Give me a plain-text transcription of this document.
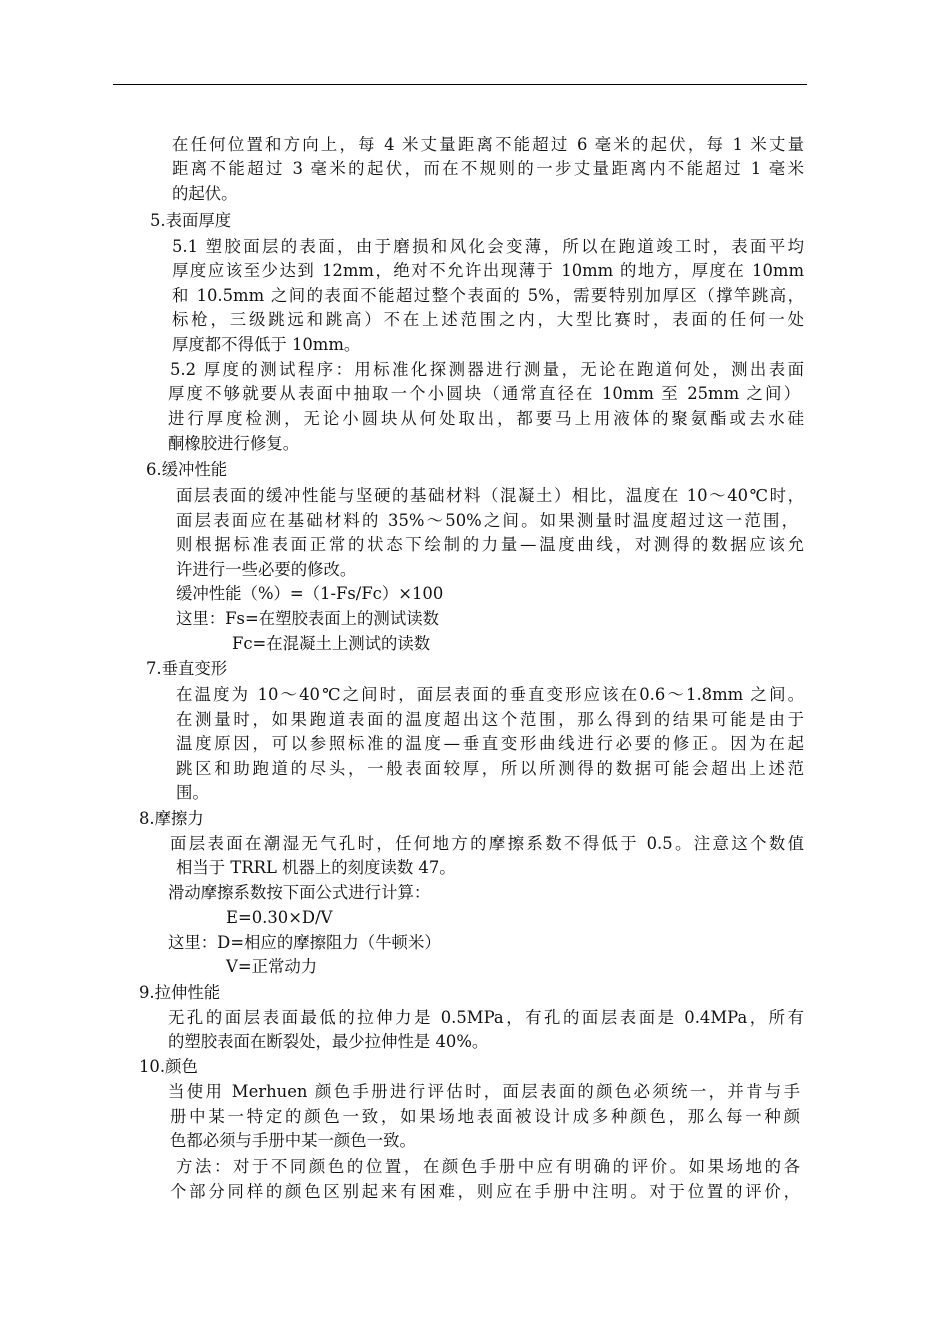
在任何位置和方向上，每 4 米丈量距离不能超过 6 毫米的起伏，每 1 米丈量
距离不能超过 3 毫米的起伏，而在不规则的一步丈量距离内不能超过 1 毫米
的起伏。
5.表面厚度
5.1 塑胶面层的表面，由于磨损和风化会变薄，所以在跑道竣工时，表面平均
厚度应该至少达到 12mm，绝对不允许出现薄于 10mm 的地方，厚度在 10mm
和 10.5mm 之间的表面不能超过整个表面的 5%，需要特别加厚区（撑竿跳高，
标枪，三级跳远和跳高）不在上述范围之内，大型比赛时，表面的任何一处
厚度都不得低于 10mm。
5.2 厚度的测试程序：用标准化探测器进行测量，无论在跑道何处，测出表面
厚度不够就要从表面中抽取一个小圆块（通常直径在 10mm 至 25mm 之间）
进行厚度检测，无论小圆块从何处取出，都要马上用液体的聚氨酯或去水硅
酮橡胶进行修复。
6.缓冲性能
面层表面的缓冲性能与坚硬的基础材料（混凝土）相比，温度在 10～40℃时，
面层表面应在基础材料的 35%～50%之间。如果测量时温度超过这一范围，
则根据标准表面正常的状态下绘制的力量—温度曲线，对测得的数据应该允
许进行一些必要的修改。
缓冲性能（%）=（1-Fs/Fc）×100
这里：Fs=在塑胶表面上的测试读数
Fc=在混凝土上测试的读数
7.垂直变形
在温度为 10～40℃之间时，面层表面的垂直变形应该在0.6～1.8mm 之间。
在测量时，如果跑道表面的温度超出这个范围，那么得到的结果可能是由于
温度原因，可以参照标准的温度—垂直变形曲线进行必要的修正。因为在起
跳区和助跑道的尽头，一般表面较厚，所以所测得的数据可能会超出上述范
围。
8.摩擦力
面层表面在潮湿无气孔时，任何地方的摩擦系数不得低于 0.5。注意这个数值
相当于 TRRL 机器上的刻度读数 47。
滑动摩擦系数按下面公式进行计算：
E=0.30×D/V
这里：D=相应的摩擦阻力（牛顿米）
V=正常动力
9.拉伸性能
无孔的面层表面最低的拉伸力是 0.5MPa，有孔的面层表面是 0.4MPa，所有
的塑胶表面在断裂处，最少拉伸性是 40%。
10.颜色
当使用 Merhuen 颜色手册进行评估时，面层表面的颜色必须统一，并肯与手
册中某一特定的颜色一致，如果场地表面被设计成多种颜色，那么每一种颜
色都必须与手册中某一颜色一致。
方法：对于不同颜色的位置，在颜色手册中应有明确的评价。如果场地的各
个部分同样的颜色区别起来有困难，则应在手册中注明。对于位置的评价，
